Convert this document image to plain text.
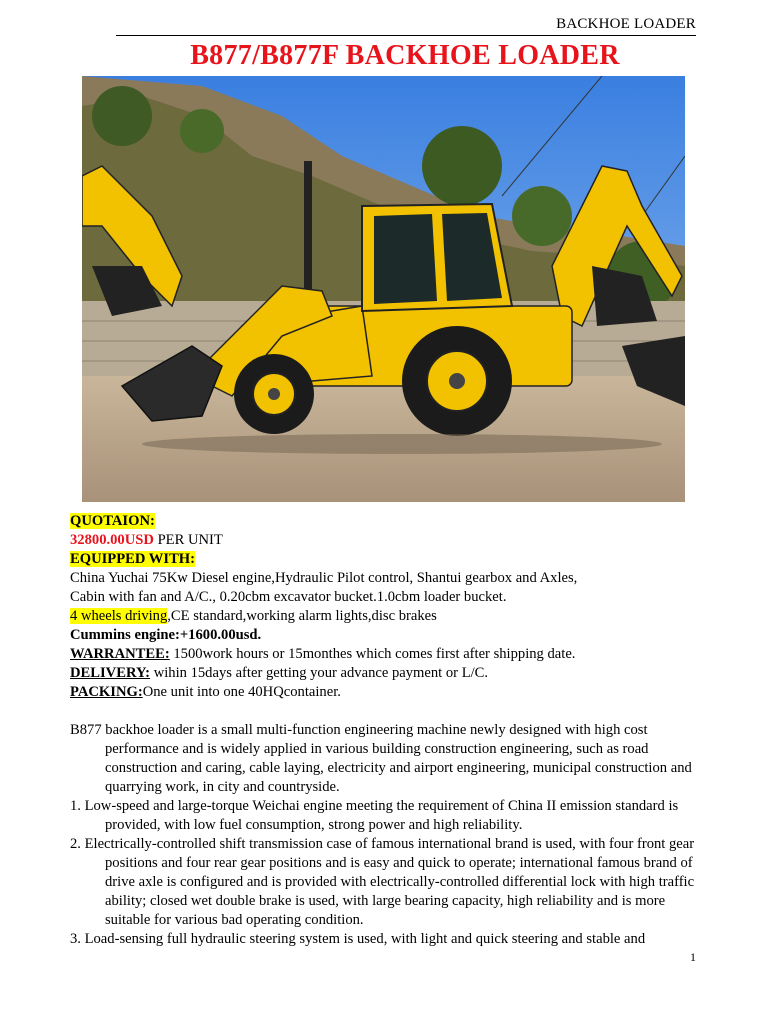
BACKHOE LOADER
B877/B877F BACKHOE LOADER
QUOTAION:
32800.00USD PER UNIT
EQUIPPED WITH:
China Yuchai 75Kw Diesel engine,Hydraulic Pilot control, Shantui gearbox and Axles,
Cabin with fan and A/C., 0.20cbm excavator bucket.1.0cbm loader bucket.
4 wheels driving,CE standard,working alarm lights,disc brakes
Cummins engine:+1600.00usd.
WARRANTEE: 1500work hours or 15monthes which comes first after shipping date.
DELIVERY: wihin 15days after getting your advance payment or L/C.
PACKING:One unit into one 40HQcontainer.

B877 backhoe loader is a small multi-function engineering machine newly designed with high cost performance and is widely applied in various building construction engineering, such as road construction and caring, cable laying, electricity and airport engineering, municipal construction and quarrying work, in city and countryside.

1. Low-speed and large-torque Weichai engine meeting the requirement of China II emission standard is provided, with low fuel consumption, strong power and high reliability.

2. Electrically-controlled shift transmission case of famous international brand is used, with four front gear positions and four rear gear positions and is easy and quick to operate; international famous brand of drive axle is configured and is provided with electrically-controlled differential lock with high traffic ability; closed wet double brake is used, with large bearing capacity, high reliability and is more suitable for various bad operating condition.

3. Load-sensing full hydraulic steering system is used, with light and quick steering and stable and

1
